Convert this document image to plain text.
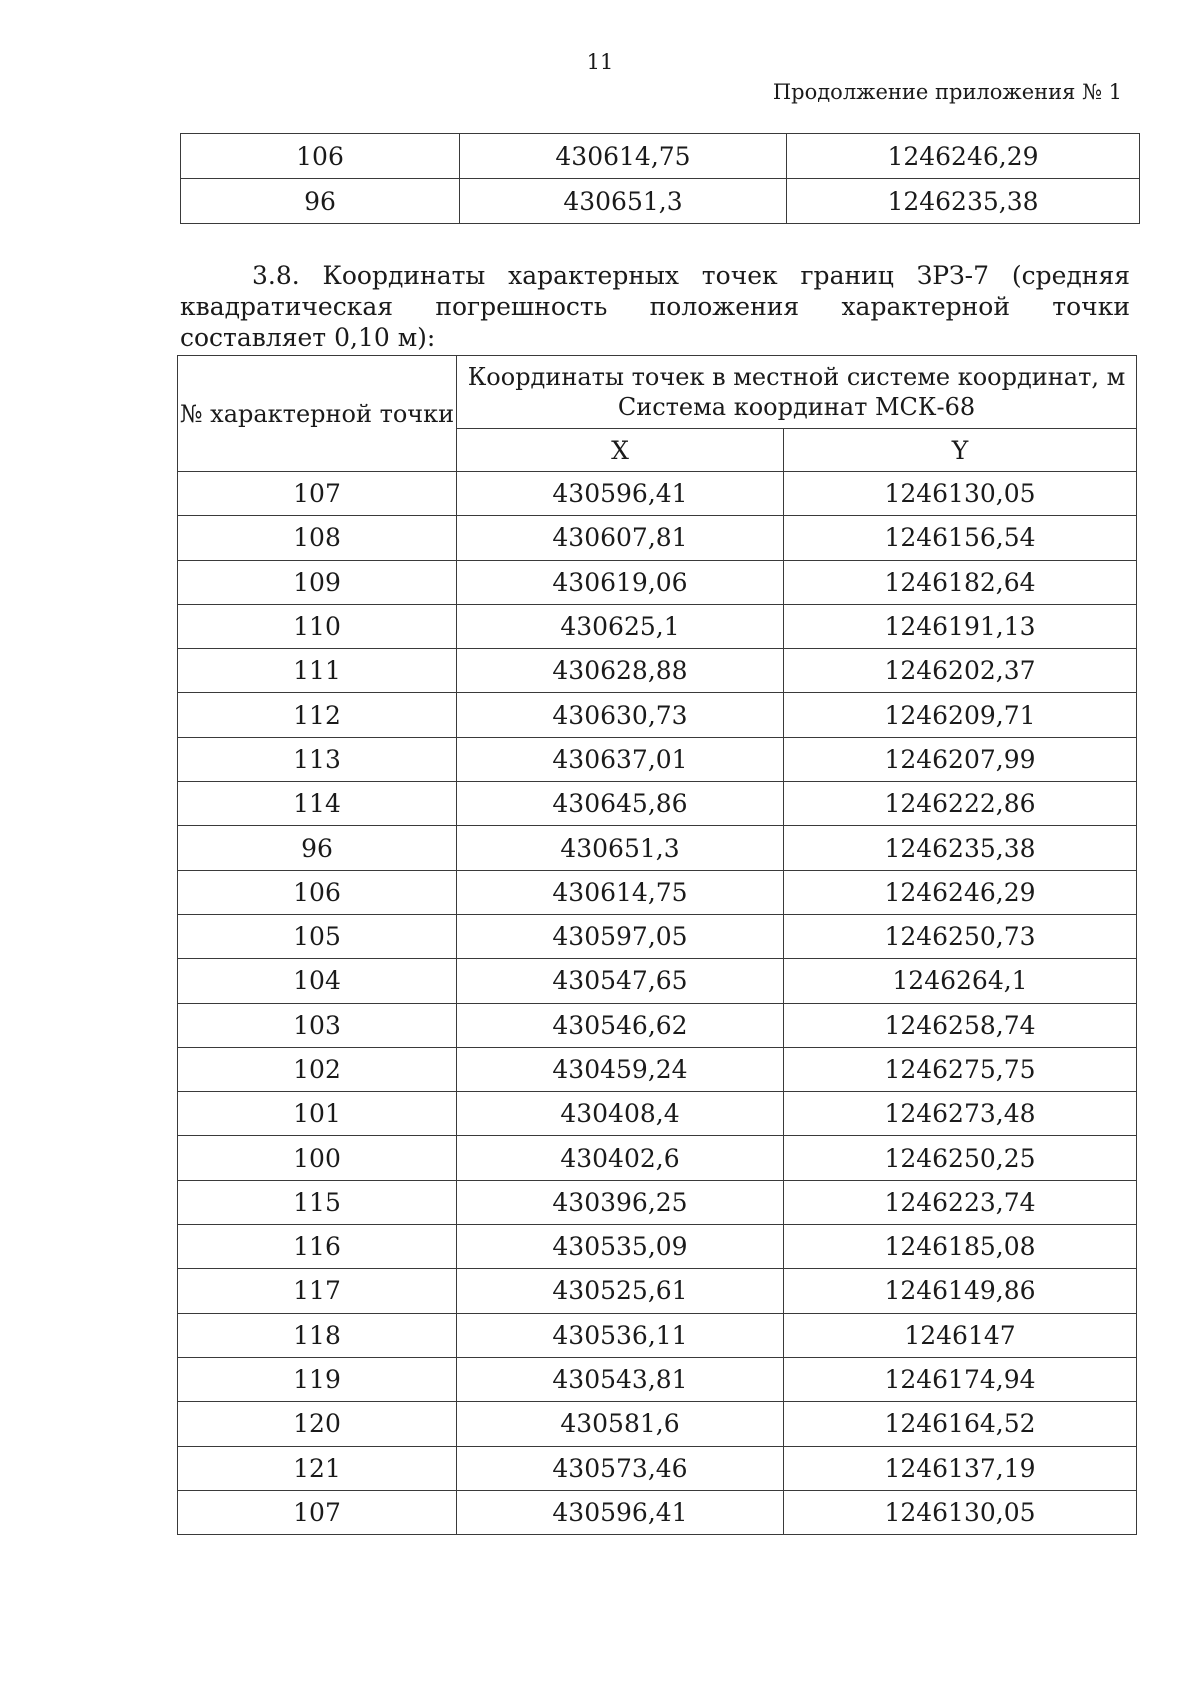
11
Продолжение приложения № 1
106	430614,75	1246246,29
96	430651,3	1246235,38

3.8. Координаты характерных точек границ ЗРЗ-7 (средняя квадратическая погрешность положения характерной точки составляет 0,10 м):

№ характерной точки	Координаты точек в местной системе координат, м
Система координат МСК-68	

	X	Y
107	430596,41	1246130,05
108	430607,81	1246156,54
109	430619,06	1246182,64
110	430625,1	1246191,13
111	430628,88	1246202,37
112	430630,73	1246209,71
113	430637,01	1246207,99
114	430645,86	1246222,86
96	430651,3	1246235,38
106	430614,75	1246246,29
105	430597,05	1246250,73
104	430547,65	1246264,1
103	430546,62	1246258,74
102	430459,24	1246275,75
101	430408,4	1246273,48
100	430402,6	1246250,25
115	430396,25	1246223,74
116	430535,09	1246185,08
117	430525,61	1246149,86
118	430536,11	1246147
119	430543,81	1246174,94
120	430581,6	1246164,52
121	430573,46	1246137,19
107	430596,41	1246130,05
